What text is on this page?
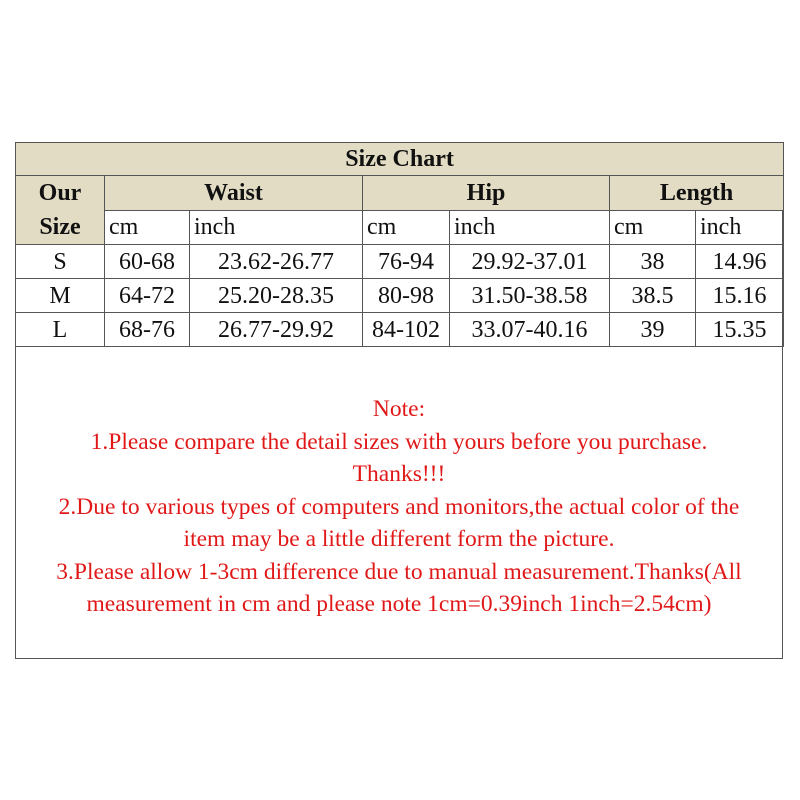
Size Chart						

Our
Size	Waist		Hip		Length	
	cm	inch	cm	inch	cm	inch
S	60-68	23.62-26.77	76-94	29.92-37.01	38	14.96
M	64-72	25.20-28.35	80-98	31.50-38.58	38.5	15.16
L	68-76	26.77-29.92	84-102	33.07-40.16	39	15.35
Note:
1.Please compare the detail sizes with yours before you purchase.
Thanks!!!
2.Due to various types of computers and monitors,the actual color of the
item may be a little different form the picture.
3.Please allow 1-3cm difference due to manual measurement.Thanks(All
measurement in cm and please note 1cm=0.39inch 1inch=2.54cm)
